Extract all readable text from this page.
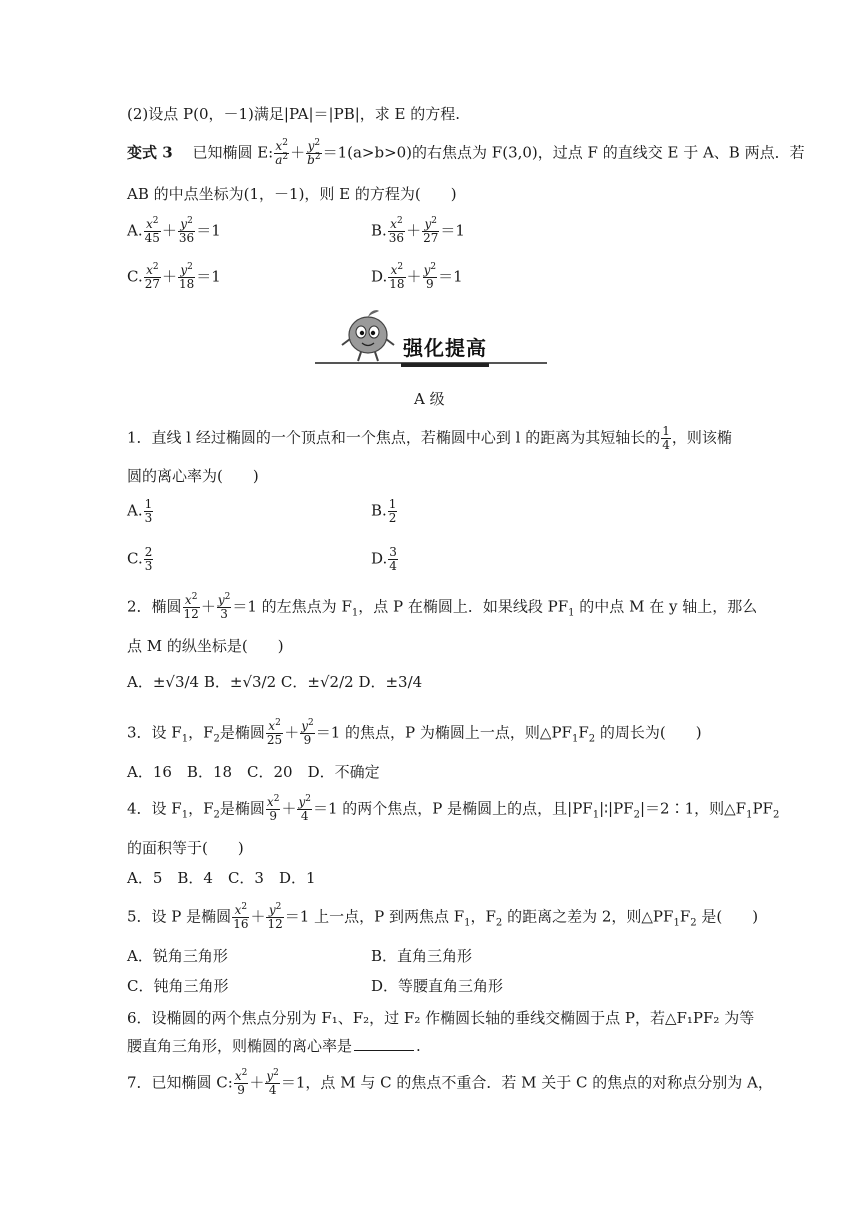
(2)设点 P(0，－1)满足|PA|＝|PB|，求 E 的方程.
变式 3　 已知椭圆 E: $\frac{x^2}{a^2} + \frac{y^2}{b^2} =1(a>b>0)$的右焦点为 F(3,0)，过点 F 的直线交 E 于 A、B 两点．若
AB 的中点坐标为(1，－1)，则 E 的方程为(　　)
A. $\frac{x^2}{45} + \frac{y^2}{36} =1$	B. $\frac{x^2}{36} + \frac{y^2}{27} =1$
C. $\frac{x^2}{27} + \frac{y^2}{18} =1$	D. $\frac{x^2}{18} + \frac{y^2}{9} =1$
强化提高
A 级
1．直线 l 经过椭圆的一个顶点和一个焦点，若椭圆中心到 l 的距离为其短轴长的 $\frac{1}{4}$ ，则该椭
圆的离心率为(　　)
A. $\frac{1}{3}$	B. $\frac{1}{2}$
C. $\frac{2}{3}$	D. $\frac{3}{4}$
2．椭圆 $\frac{x^2}{12} + \frac{y^2}{3} =1$ 的左焦点为 $F_1$，点 P 在椭圆上．如果线段 $PF_1$ 的中点 M 在 y 轴上，那么
点 M 的纵坐标是(　　)
A．±√3/4 B．±√3/2 C．±√2/2 D．±3/4
3．设 $F_1$，$F_2$是椭圆 $\frac{x^2}{25} + \frac{y^2}{9} =1$ 的焦点，P 为椭圆上一点，则$\triangle PF_1F_2$ 的周长为(　　)
A．16　B．18　C．20　D．不确定
4．设 $F_1$，$F_2$是椭圆 $\frac{x^2}{9} + \frac{y^2}{4} =1$ 的两个焦点，P 是椭圆上的点，且$|PF_1|∶|PF_2|=2∶1$，则$\triangle F_1PF_2$
的面积等于(　　)
A．5　B．4　C．3　D．1
5．设 P 是椭圆 $\frac{x^2}{16} + \frac{y^2}{12} =1$ 上一点，P 到两焦点 $F_1$，$F_2$ 的距离之差为 2，则$\triangle PF_1F_2$ 是(　　)
A．锐角三角形	B．直角三角形
C．钝角三角形	D．等腰直角三角形
6．设椭圆的两个焦点分别为 F₁、F₂，过 F₂ 作椭圆长轴的垂线交椭圆于点 P，若△F₁PF₂ 为等
腰直角三角形，则椭圆的离心率是	.
7．已知椭圆 C: $\frac{x^2}{9} + \frac{y^2}{4} =1$，点 M 与 C 的焦点不重合．若 M 关于 C 的焦点的对称点分别为 A，
